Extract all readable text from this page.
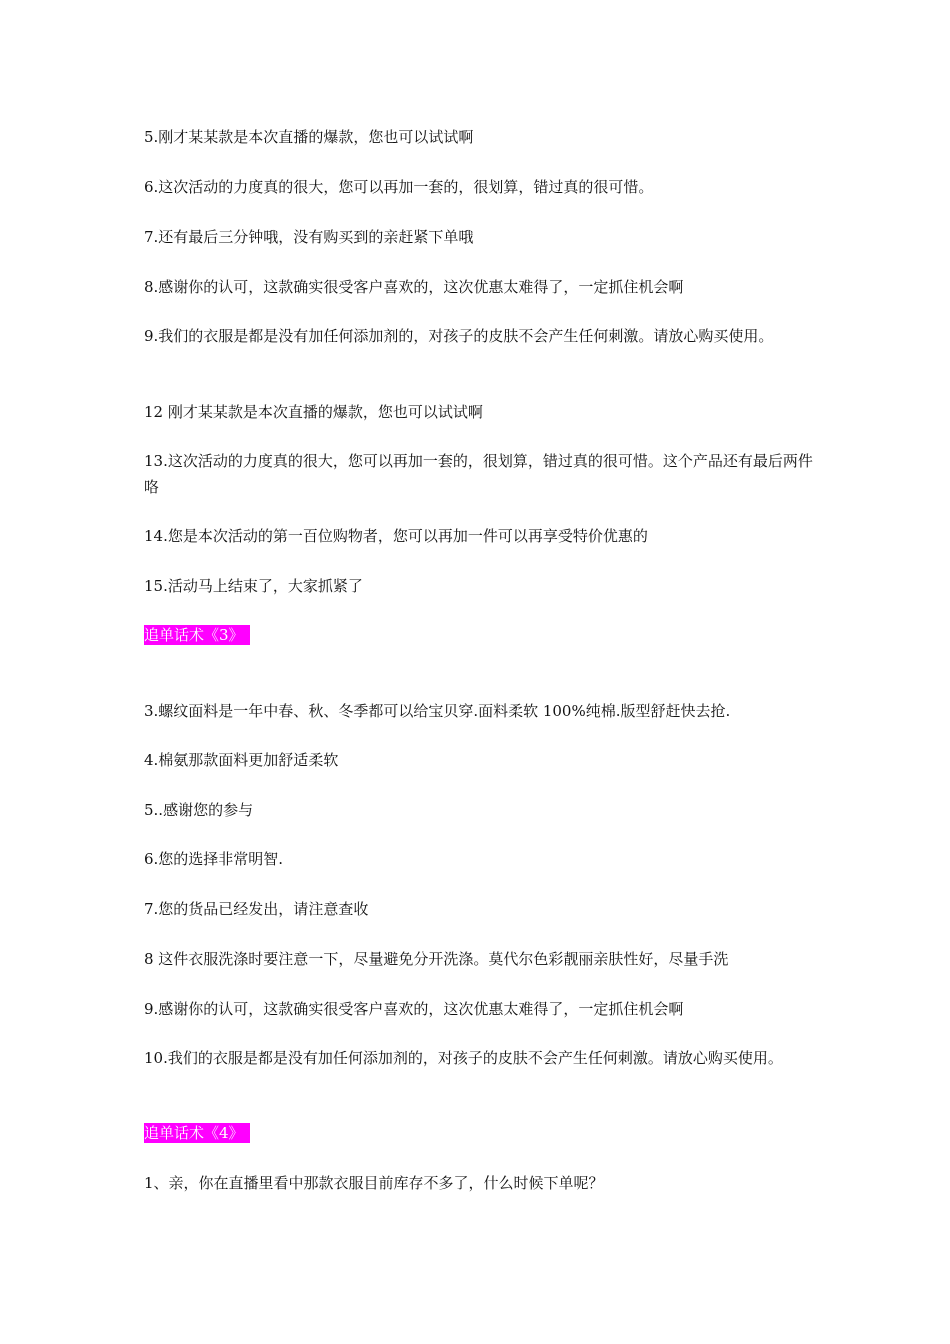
5.刚才某某款是本次直播的爆款，您也可以试试啊
6.这次活动的力度真的很大，您可以再加一套的，很划算，错过真的很可惜。
7.还有最后三分钟哦，没有购买到的亲赶紧下单哦
8.感谢你的认可，这款确实很受客户喜欢的，这次优惠太难得了，一定抓住机会啊
9.我们的衣服是都是没有加任何添加剂的，对孩子的皮肤不会产生任何刺激。请放心购买使用。
12 刚才某某款是本次直播的爆款，您也可以试试啊
13.这次活动的力度真的很大，您可以再加一套的，很划算，错过真的很可惜。这个产品还有最后两件咯
14.您是本次活动的第一百位购物者，您可以再加一件可以再享受特价优惠的
15.活动马上结束了，大家抓紧了
追单话术《3》
3.螺纹面料是一年中春、秋、冬季都可以给宝贝穿.面料柔软 100%纯棉.版型舒赶快去抢.
4.棉氨那款面料更加舒适柔软
5..感谢您的参与
6.您的选择非常明智.
7.您的货品已经发出，请注意查收
8 这件衣服洗涤时要注意一下，尽量避免分开洗涤。莫代尔色彩靓丽亲肤性好，尽量手洗
9.感谢你的认可，这款确实很受客户喜欢的，这次优惠太难得了，一定抓住机会啊
10.我们的衣服是都是没有加任何添加剂的，对孩子的皮肤不会产生任何刺激。请放心购买使用。
追单话术《4》
1、亲，你在直播里看中那款衣服目前库存不多了，什么时候下单呢？
